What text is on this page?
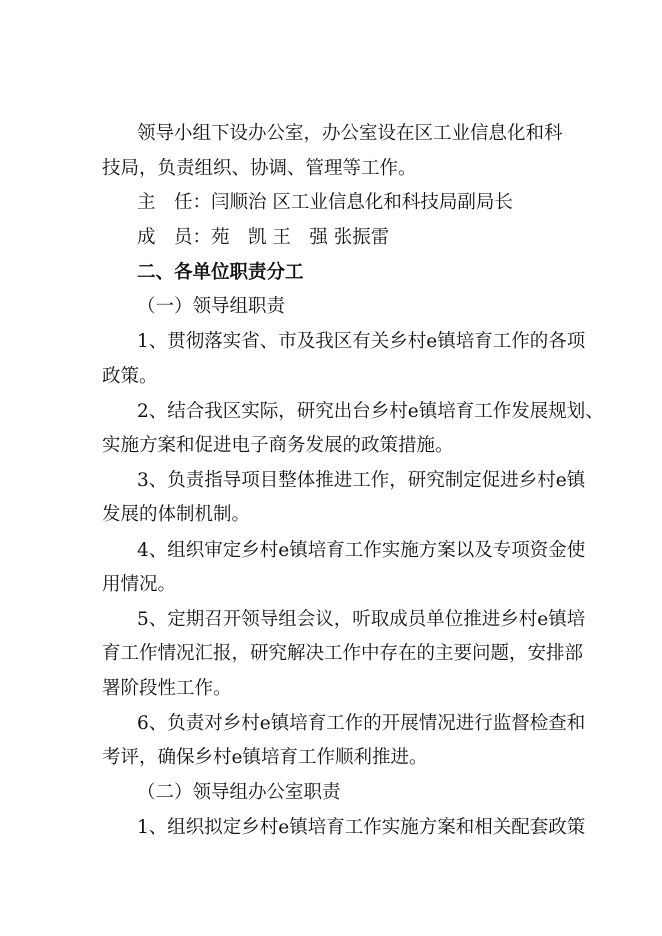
领导小组下设办公室，办公室设在区工业信息化和科
技局，负责组织、协调、管理等工作。
主　任：闫顺治 区工业信息化和科技局副局长
成　员：苑　凯 王　强 张振雷
二、各单位职责分工
（一）领导组职责
1、贯彻落实省、市及我区有关乡村e镇培育工作的各项
政策。
2、结合我区实际，研究出台乡村e镇培育工作发展规划、
实施方案和促进电子商务发展的政策措施。
3、负责指导项目整体推进工作，研究制定促进乡村e镇
发展的体制机制。
4、组织审定乡村e镇培育工作实施方案以及专项资金使
用情况。
5、定期召开领导组会议，听取成员单位推进乡村e镇培
育工作情况汇报，研究解决工作中存在的主要问题，安排部
署阶段性工作。
6、负责对乡村e镇培育工作的开展情况进行监督检查和
考评，确保乡村e镇培育工作顺利推进。
（二）领导组办公室职责
1、组织拟定乡村e镇培育工作实施方案和相关配套政策
